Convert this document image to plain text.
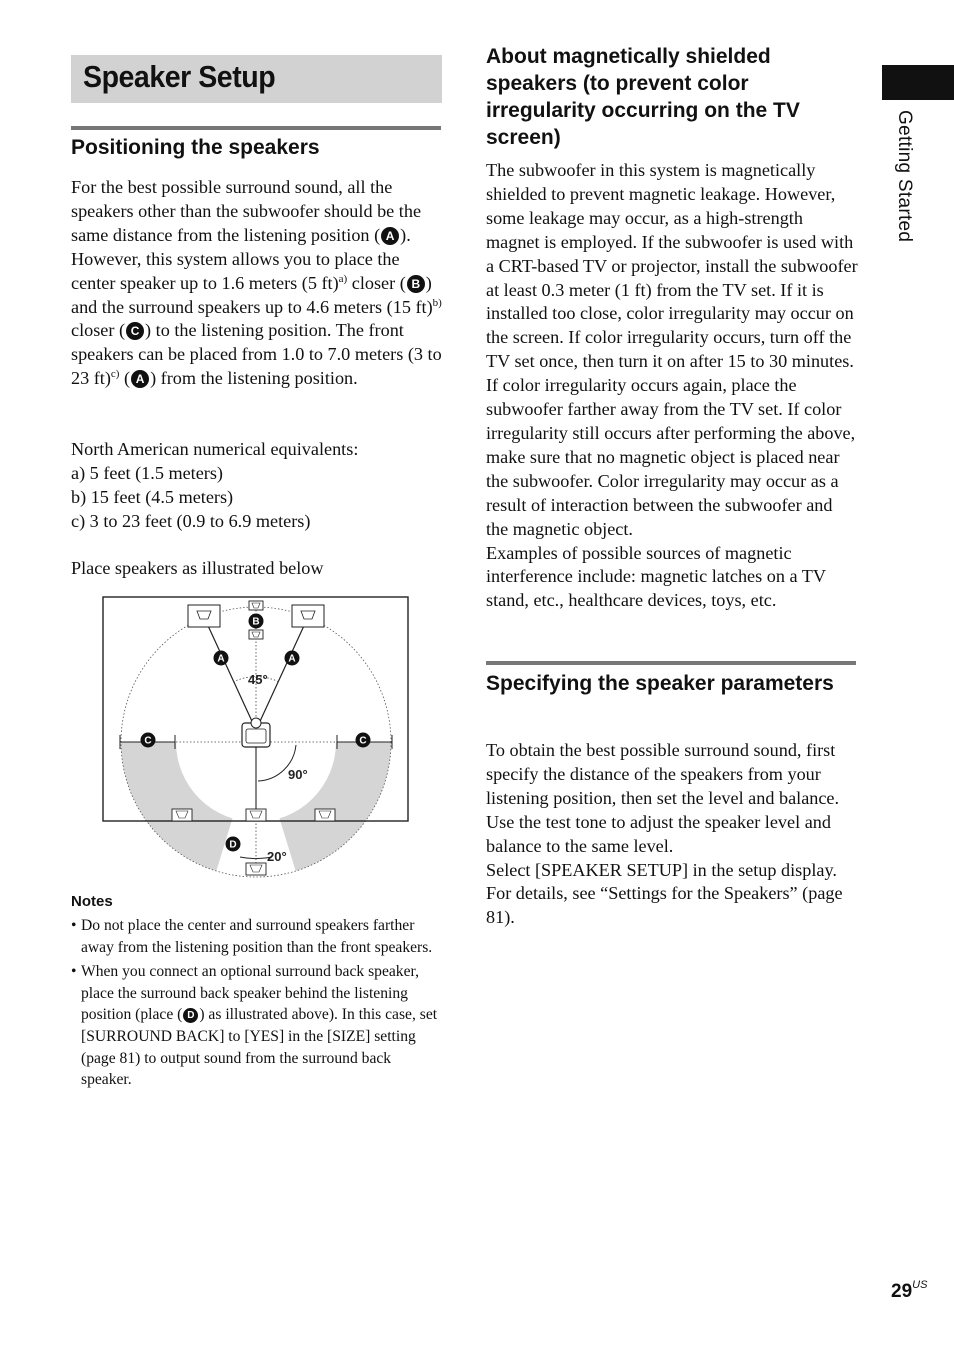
Speaker Setup
Getting Started
Positioning the speakers

For the best possible surround sound, all the speakers other than the subwoofer should be the same distance from the listening position ( A ). However, this system allows you to place the center speaker up to 1.6 meters (5 ft)$^{a)}$ closer ( B ) and the surround speakers up to 4.6 meters (15 ft)$^{b)}$ closer ( C ) to the listening position. The front speakers can be placed from 1.0 to 7.0 meters (3 to 23 ft)$^{c)}$ ( A ) from the listening position.

North American numerical equivalents:

a) 5 feet (1.5 meters)

b) 15 feet (4.5 meters)

c) 3 to 23 feet (0.9 to 6.9 meters)

Place speakers as illustrated below
B
A	A
C	C
D
45°
90°
20°
Notes
• Do not place the center and surround speakers farther away from the listening position than the front speakers.
• When you connect an optional surround back speaker, place the surround back speaker behind the listening position (place ( D ) as illustrated above). In this case, set [SURROUND BACK] to [YES] in the [SIZE] setting (page 81) to output sound from the surround back speaker.
About magnetically shielded speakers (to prevent color irregularity occurring on the TV screen)

The subwoofer in this system is magnetically shielded to prevent magnetic leakage. However, some leakage may occur, as a high-strength magnet is employed. If the subwoofer is used with a CRT-based TV or projector, install the subwoofer at least 0.3 meter (1 ft) from the TV set. If it is installed too close, color irregularity may occur on the screen. If color irregularity occurs, turn off the TV set once, then turn it on after 15 to 30 minutes. If color irregularity occurs again, place the subwoofer farther away from the TV set. If color irregularity still occurs after performing the above, make sure that no magnetic object is placed near the subwoofer. Color irregularity may occur as a result of interaction between the subwoofer and the magnetic object.

Examples of possible sources of magnetic interference include: magnetic latches on a TV stand, etc., healthcare devices, toys, etc.

Specifying the speaker parameters

To obtain the best possible surround sound, first specify the distance of the speakers from your listening position, then set the level and balance. Use the test tone to adjust the speaker level and balance to the same level.

Select [SPEAKER SETUP] in the setup display. For details, see “Settings for the Speakers” (page 81).

$29^{US}$
